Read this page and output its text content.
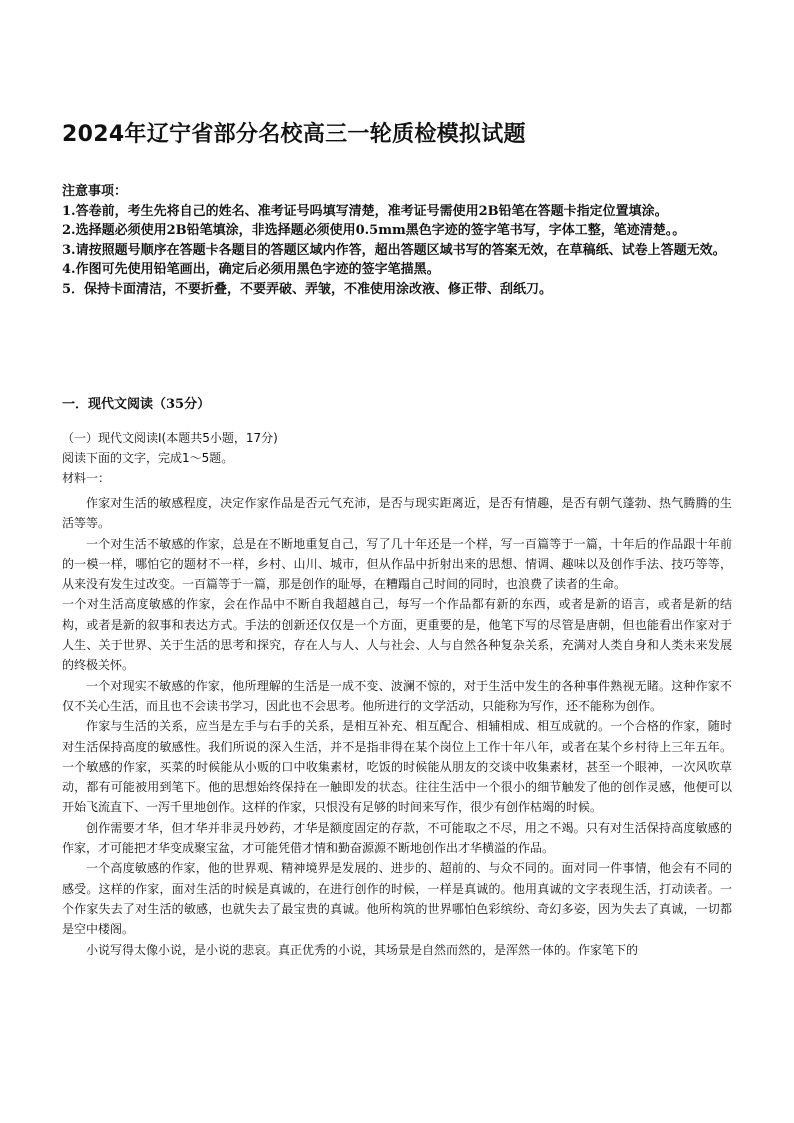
2024年辽宁省部分名校高三一轮质检模拟试题

注意事项：

1.答卷前，考生先将自己的姓名、准考证号吗填写清楚，准考证号需使用2B铅笔在答题卡指定位置填涂。

2.选择题必须使用2B铅笔填涂，非选择题必须使用0.5mm黑色字迹的签字笔书写，字体工整，笔迹清楚。。

3.请按照题号顺序在答题卡各题目的答题区域内作答，超出答题区域书写的答案无效，在草稿纸、试卷上答题无效。

4.作图可先使用铅笔画出，确定后必须用黑色字迹的签字笔描黑。

5．保持卡面清洁，不要折叠，不要弄破、弄皱，不准使用涂改液、修正带、刮纸刀。

一．现代文阅读（35分）

（一）现代文阅读Ⅰ(本题共5小题，17分)

阅读下面的文字，完成1～5题。

材料一：

作家对生活的敏感程度，决定作家作品是否元气充沛，是否与现实距离近，是否有情趣，是否有朝气蓬勃、热气腾腾的生活等等。

一个对生活不敏感的作家，总是在不断地重复自己，写了几十年还是一个样，写一百篇等于一篇，十年后的作品跟十年前的一模一样，哪怕它的题材不一样，乡村、山川、城市，但从作品中折射出来的思想、情调、趣味以及创作手法、技巧等等，从来没有发生过改变。一百篇等于一篇，那是创作的耻辱，在糟蹋自己时间的同时，也浪费了读者的生命。

一个对生活高度敏感的作家，会在作品中不断自我超越自己，每写一个作品都有新的东西，或者是新的语言，或者是新的结构，或者是新的叙事和表达方式。手法的创新还仅仅是一个方面，更重要的是，他笔下写的尽管是唐朝，但也能看出作家对于人生、关于世界、关于生活的思考和探究，存在人与人、人与社会、人与自然各种复杂关系，充满对人类自身和人类未来发展的终极关怀。

一个对现实不敏感的作家，他所理解的生活是一成不变、波澜不惊的，对于生活中发生的各种事件熟视无睹。这种作家不仅不关心生活，而且也不会读书学习，因此也不会思考。他所进行的文学活动，只能称为写作，还不能称为创作。

作家与生活的关系，应当是左手与右手的关系，是相互补充、相互配合、相辅相成、相互成就的。一个合格的作家，随时对生活保持高度的敏感性。我们所说的深入生活，并不是指非得在某个岗位上工作十年八年，或者在某个乡村待上三年五年。一个敏感的作家，买菜的时候能从小贩的口中收集素材，吃饭的时候能从朋友的交谈中收集素材，甚至一个眼神，一次风吹草动，都有可能被用到笔下。他的思想始终保持在一触即发的状态。往往生活中一个很小的细节触发了他的创作灵感，他便可以开始飞流直下、一泻千里地创作。这样的作家，只恨没有足够的时间来写作，很少有创作枯竭的时候。

创作需要才华，但才华并非灵丹妙药，才华是额度固定的存款，不可能取之不尽，用之不竭。只有对生活保持高度敏感的作家，才可能把才华变成聚宝盆，才可能凭借才情和勤奋源源不断地创作出才华横溢的作品。

一个高度敏感的作家，他的世界观、精神境界是发展的、进步的、超前的、与众不同的。面对同一件事情，他会有不同的感受。这样的作家，面对生活的时候是真诚的，在进行创作的时候，一样是真诚的。他用真诚的文字表现生活，打动读者。一个作家失去了对生活的敏感，也就失去了最宝贵的真诚。他所构筑的世界哪怕色彩缤纷、奇幻多姿，因为失去了真诚，一切都是空中楼阁。

小说写得太像小说，是小说的悲哀。真正优秀的小说，其场景是自然而然的，是浑然一体的。作家笔下的
